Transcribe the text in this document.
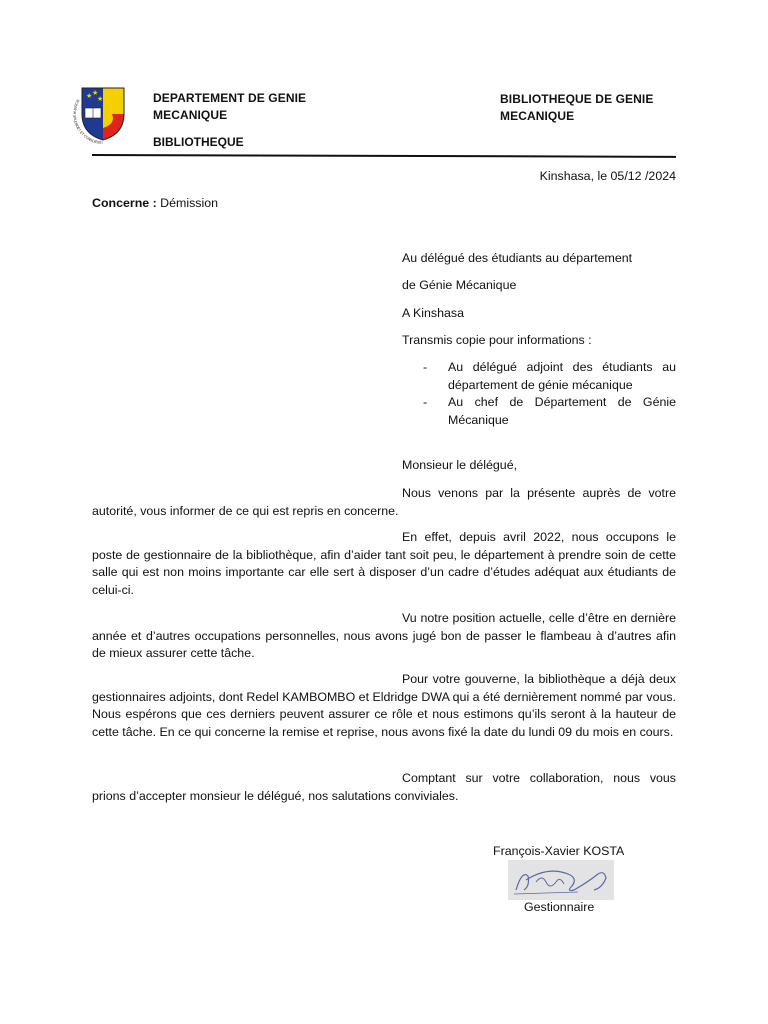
★ ★
★
SCIENTIA SPLENDET ET CONSCIENTI
DEPARTEMENT DE GENIE
MECANIQUE
BIBLIOTHEQUE
BIBLIOTHEQUE DE GENIE
MECANIQUE
Kinshasa, le 05/12 /2024
Concerne : Démission
Au délégué des étudiants au département
de Génie Mécanique
A Kinshasa
Transmis copie pour informations :
- Au délégué adjoint des étudiants au département de génie mécanique
- Au chef de Département de Génie Mécanique
Monsieur le délégué,
Nous venons par la présente auprès de votre autorité, vous informer de ce qui est repris en concerne.
En effet, depuis avril 2022, nous occupons le poste de gestionnaire de la bibliothèque, afin d’aider tant soit peu, le département à prendre soin de cette salle qui est non moins importante car elle sert à disposer d’un cadre d’études adéquat aux étudiants de celui-ci.
Vu notre position actuelle, celle d’être en dernière année et d’autres occupations personnelles, nous avons jugé bon de passer le flambeau à d’autres afin de mieux assurer cette tâche.
Pour votre gouverne, la bibliothèque a déjà deux gestionnaires adjoints, dont Redel KAMBOMBO et Eldridge DWA qui a été dernièrement nommé par vous. Nous espérons que ces derniers peuvent assurer ce rôle et nous estimons qu’ils seront à la hauteur de cette tâche. En ce qui concerne la remise et reprise, nous avons fixé la date du lundi 09 du mois en cours.
Comptant sur votre collaboration, nous vous prions d’accepter monsieur le délégué, nos salutations conviviales.
François-Xavier KOSTA
Gestionnaire
